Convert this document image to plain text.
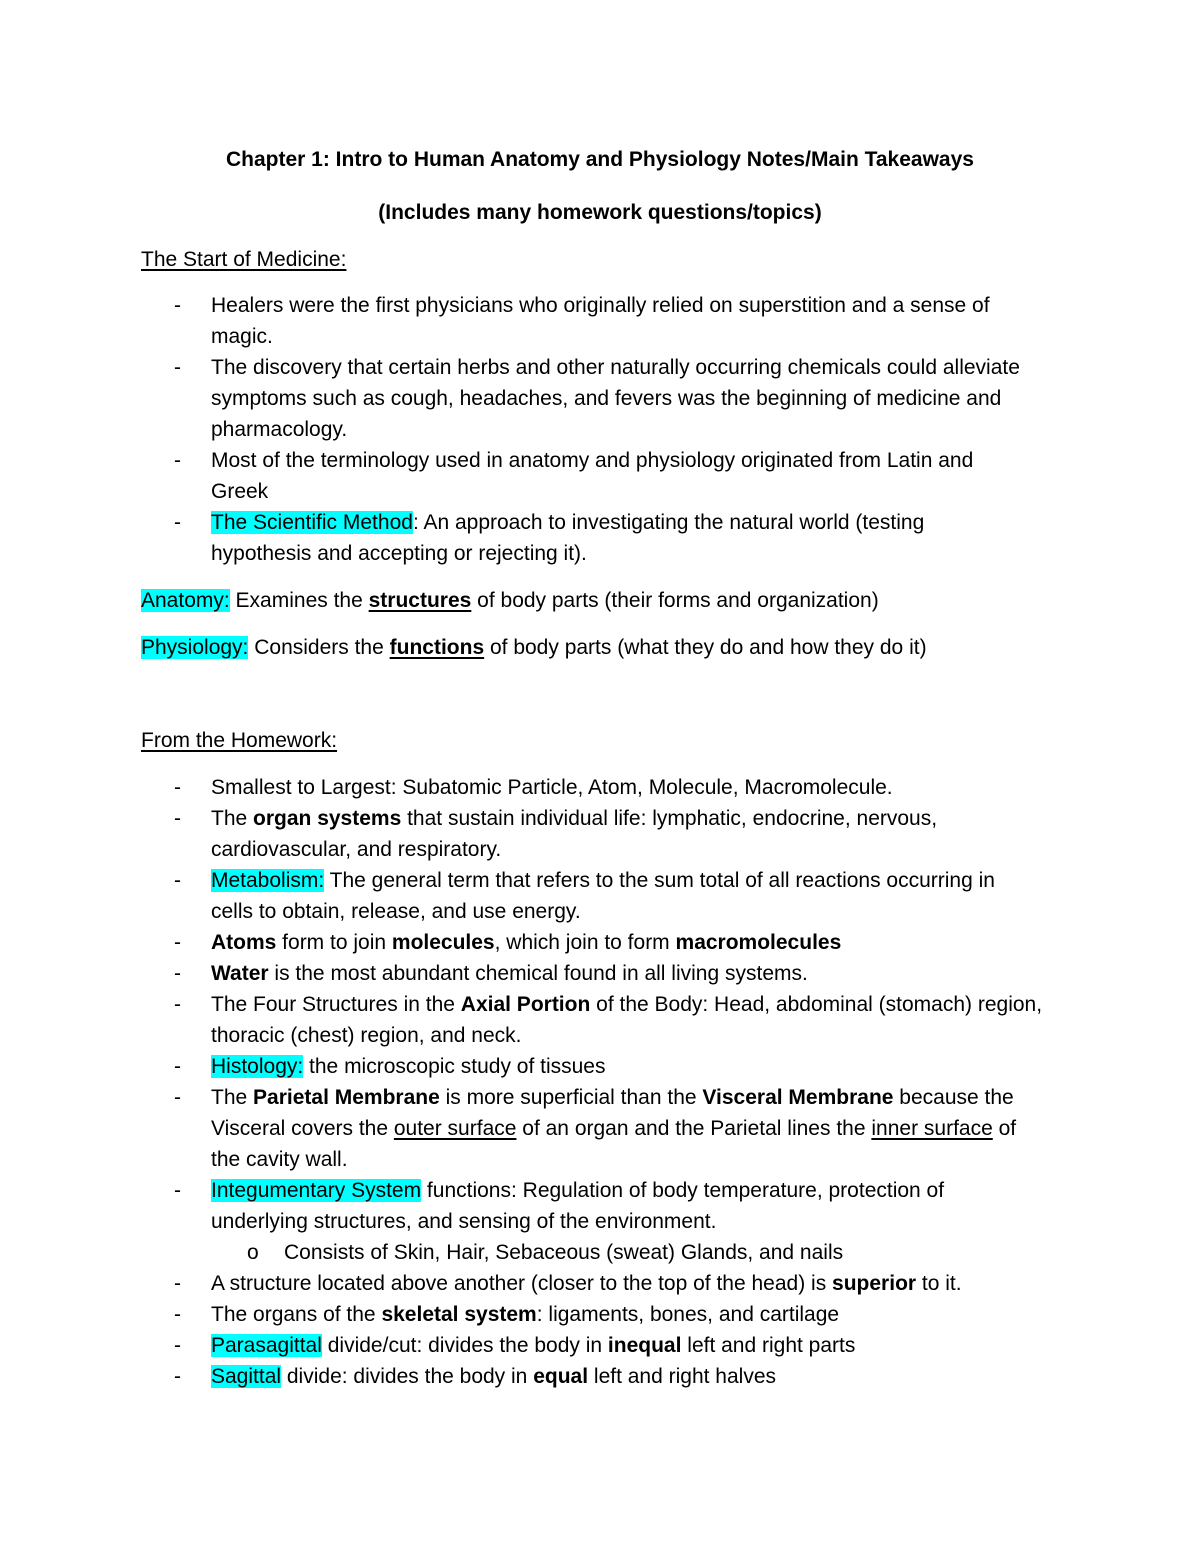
Chapter 1: Intro to Human Anatomy and Physiology Notes/Main Takeaways
(Includes many homework questions/topics)
The Start of Medicine:
- Healers were the first physicians who originally relied on superstition and a sense of
magic.
- The discovery that certain herbs and other naturally occurring chemicals could alleviate
symptoms such as cough, headaches, and fevers was the beginning of medicine and
pharmacology.
- Most of the terminology used in anatomy and physiology originated from Latin and
Greek
- The Scientific Method: An approach to investigating the natural world (testing
hypothesis and accepting or rejecting it).
Anatomy: Examines the structures of body parts (their forms and organization)
Physiology: Considers the functions of body parts (what they do and how they do it)
From the Homework:
- Smallest to Largest: Subatomic Particle, Atom, Molecule, Macromolecule.
- The organ systems that sustain individual life: lymphatic, endocrine, nervous,
cardiovascular, and respiratory.
- Metabolism: The general term that refers to the sum total of all reactions occurring in
cells to obtain, release, and use energy.
- Atoms form to join molecules, which join to form macromolecules
- Water is the most abundant chemical found in all living systems.
- The Four Structures in the Axial Portion of the Body: Head, abdominal (stomach) region,
thoracic (chest) region, and neck.
- Histology: the microscopic study of tissues
- The Parietal Membrane is more superficial than the Visceral Membrane because the
Visceral covers the outer surface of an organ and the Parietal lines the inner surface of
the cavity wall.
- Integumentary System functions: Regulation of body temperature, protection of
underlying structures, and sensing of the environment.
o Consists of Skin, Hair, Sebaceous (sweat) Glands, and nails
- A structure located above another (closer to the top of the head) is superior to it.
- The organs of the skeletal system: ligaments, bones, and cartilage
- Parasagittal divide/cut: divides the body in inequal left and right parts
- Sagittal divide: divides the body in equal left and right halves
